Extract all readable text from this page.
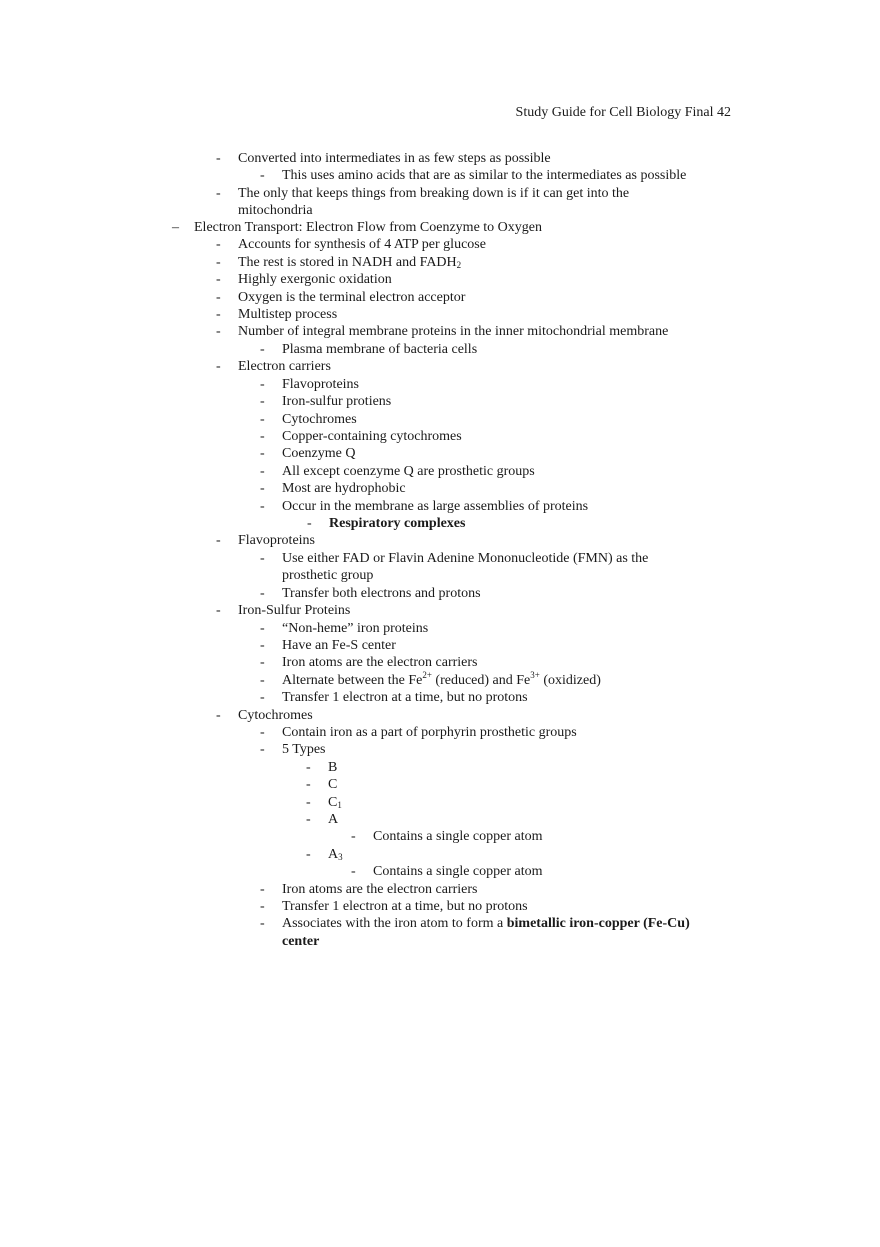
Study Guide for Cell Biology Final 42
- Converted into intermediates in as few steps as possible
- This uses amino acids that are as similar to the intermediates as possible
- The only that keeps things from breaking down is if it can get into the
mitochondria
– Electron Transport: Electron Flow from Coenzyme to Oxygen
- Accounts for synthesis of 4 ATP per glucose
- The rest is stored in NADH and $FADH_2$
- Highly exergonic oxidation
- Oxygen is the terminal electron acceptor
- Multistep process
- Number of integral membrane proteins in the inner mitochondrial membrane
- Plasma membrane of bacteria cells
- Electron carriers
- Flavoproteins
- Iron-sulfur protiens
- Cytochromes
- Copper-containing cytochromes
- Coenzyme Q
- All except coenzyme Q are prosthetic groups
- Most are hydrophobic
- Occur in the membrane as large assemblies of proteins
- Respiratory complexes
- Flavoproteins
- Use either FAD or Flavin Adenine Mononucleotide (FMN) as the
prosthetic group
- Transfer both electrons and protons
- Iron-Sulfur Proteins
- “Non-heme” iron proteins
- Have an Fe-S center
- Iron atoms are the electron carriers
- Alternate between the $Fe^{2+}$ (reduced) and $Fe^{3+}$ (oxidized)
- Transfer 1 electron at a time, but no protons
- Cytochromes
- Contain iron as a part of porphyrin prosthetic groups
- 5 Types
- B
- C
- $C_1$
- A
- Contains a single copper atom
- $A_3$
- Contains a single copper atom
- Iron atoms are the electron carriers
- Transfer 1 electron at a time, but no protons
- Associates with the iron atom to form a bimetallic iron-copper (Fe-Cu)
center
